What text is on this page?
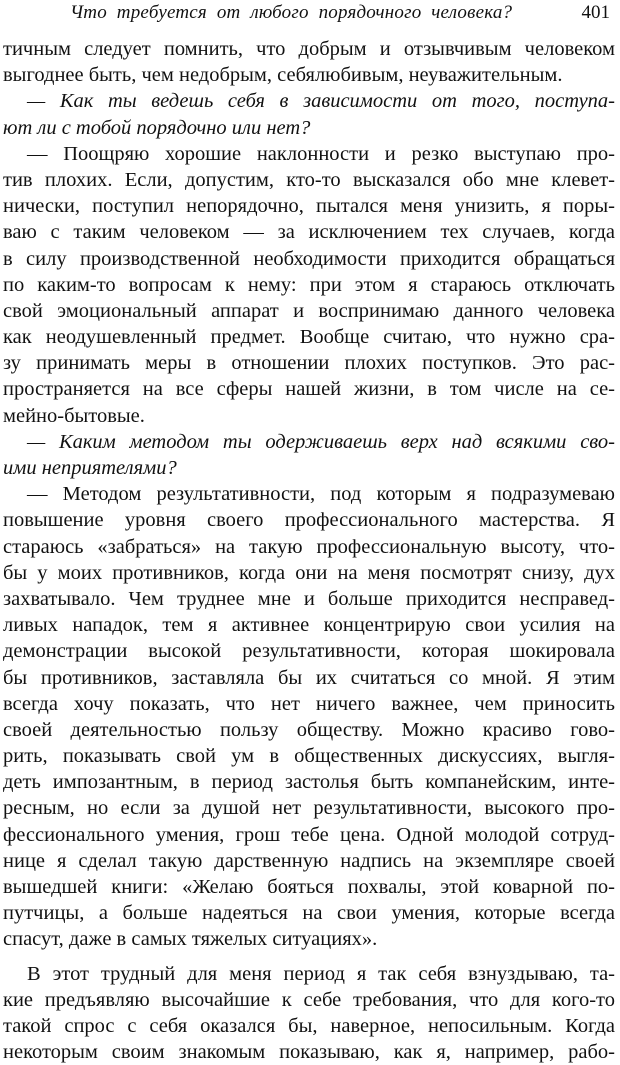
Что  требуется  от  любого  порядочного  человека?	401
тичным следует помнить, что добрым и отзывчивым человеком
выгоднее быть, чем недобрым, себялюбивым, неуважительным.
— Как ты ведешь себя в зависимости от того, поступа-
ют ли с тобой порядочно или нет?
— Поощряю хорошие наклонности и резко выступаю про-
тив плохих. Если, допустим, кто-то высказался обо мне клевет-
нически, поступил непорядочно, пытался меня унизить, я поры-
ваю с таким человеком — за исключением тех случаев, когда
в силу производственной необходимости приходится обращаться
по каким-то вопросам к нему: при этом я стараюсь отключать
свой эмоциональный аппарат и воспринимаю данного человека
как неодушевленный предмет. Вообще считаю, что нужно сра-
зу принимать меры в отношении плохих поступков. Это рас-
пространяется на все сферы нашей жизни, в том числе на се-
мейно-бытовые.
— Каким методом ты одерживаешь верх над всякими сво-
ими неприятелями?
— Методом результативности, под которым я подразумеваю
повышение уровня своего профессионального мастерства. Я
стараюсь «забраться» на такую профессиональную высоту, что-
бы у моих противников, когда они на меня посмотрят снизу, дух
захватывало. Чем труднее мне и больше приходится несправед-
ливых нападок, тем я активнее концентрирую свои усилия на
демонстрации высокой результативности, которая шокировала
бы противников, заставляла бы их считаться со мной. Я этим
всегда хочу показать, что нет ничего важнее, чем приносить
своей деятельностью пользу обществу. Можно красиво гово-
рить, показывать свой ум в общественных дискуссиях, выгля-
деть импозантным, в период застолья быть компанейским, инте-
ресным, но если за душой нет результативности, высокого про-
фессионального умения, грош тебе цена. Одной молодой сотруд-
нице я сделал такую дарственную надпись на экземпляре своей
вышедшей книги: «Желаю бояться похвалы, этой коварной по-
путчицы, а больше надеяться на свои умения, которые всегда
спасут, даже в самых тяжелых ситуациях».
В этот трудный для меня период я так себя взнуздываю, та-
кие предъявляю высочайшие к себе требования, что для кого-то
такой спрос с себя оказался бы, наверное, непосильным. Когда
некоторым своим знакомым показываю, как я, например, рабо-
